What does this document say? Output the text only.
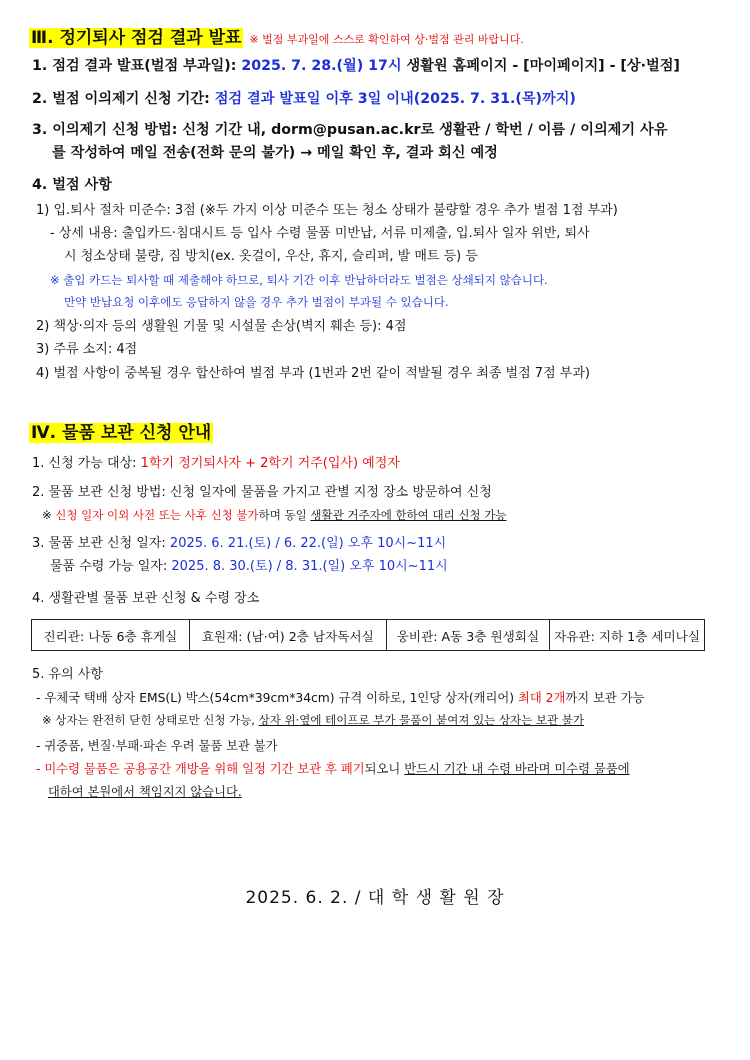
Ⅲ. 정기퇴사 점검 결과 발표 ※ 벌점 부과일에 스스로 확인하여 상·벌점 관리 바랍니다.
1. 점검 결과 발표(벌점 부과일): 2025. 7. 28.(월) 17시 생활원 홈페이지 - [마이페이지] - [상·벌점]
2. 벌점 이의제기 신청 기간: 점검 결과 발표일 이후 3일 이내(2025. 7. 31.(목)까지)
3. 이의제기 신청 방법: 신청 기간 내, dorm@pusan.ac.kr로 생활관 / 학번 / 이름 / 이의제기 사유
를 작성하여 메일 전송(전화 문의 불가) → 메일 확인 후, 결과 회신 예정
4. 벌점 사항
1) 입.퇴사 절차 미준수: 3점 (※두 가지 이상 미준수 또는 청소 상태가 불량할 경우 추가 벌점 1점 부과)
- 상세 내용: 출입카드·침대시트 등 입사 수령 물품 미반납, 서류 미제출, 입.퇴사 일자 위반, 퇴사
시 청소상태 불량, 짐 방치(ex. 옷걸이, 우산, 휴지, 슬리퍼, 발 매트 등) 등
※ 출입 카드는 퇴사할 때 제출해야 하므로, 퇴사 기간 이후 반납하더라도 벌점은 상쇄되지 않습니다.
만약 반납요청 이후에도 응답하지 않을 경우 추가 벌점이 부과될 수 있습니다.
2) 책상·의자 등의 생활원 기물 및 시설물 손상(벽지 훼손 등): 4점
3) 주류 소지: 4점
4) 벌점 사항이 중복될 경우 합산하여 벌점 부과 (1번과 2번 같이 적발될 경우 최종 벌점 7점 부과)
Ⅳ. 물품 보관 신청 안내
1. 신청 가능 대상: 1학기 정기퇴사자 + 2학기 거주(입사) 예정자
2. 물품 보관 신청 방법: 신청 일자에 물품을 가지고 관별 지정 장소 방문하여 신청
※ 신청 일자 이외 사전 또는 사후 신청 불가하며 동일 생활관 거주자에 한하여 대리 신청 가능
3. 물품 보관 신청 일자: 2025. 6. 21.(토) / 6. 22.(일) 오후 10시~11시
물품 수령 가능 일자: 2025. 8. 30.(토) / 8. 31.(일) 오후 10시~11시
4. 생활관별 물품 보관 신청 & 수령 장소
진리관: 나동 6층 휴게실	효원재: (남·여) 2층 남자독서실	웅비관: A동 3층 원생회실	자유관: 지하 1층 세미나실
5. 유의 사항
- 우체국 택배 상자 EMS(L) 박스(54cm*39cm*34cm) 규격 이하로, 1인당 상자(캐리어) 최대 2개까지 보관 가능
※ 상자는 완전히 닫힌 상태로만 신청 가능, 상자 위·옆에 테이프로 부가 물품이 붙여져 있는 상자는 보관 불가
- 귀중품, 변질·부패·파손 우려 물품 보관 불가
- 미수령 물품은 공용공간 개방을 위해 일정 기간 보관 후 폐기되오니 반드시 기간 내 수령 바라며 미수령 물품에
대하여 본원에서 책임지지 않습니다.
2025. 6. 2. / 대 학 생 활 원 장
